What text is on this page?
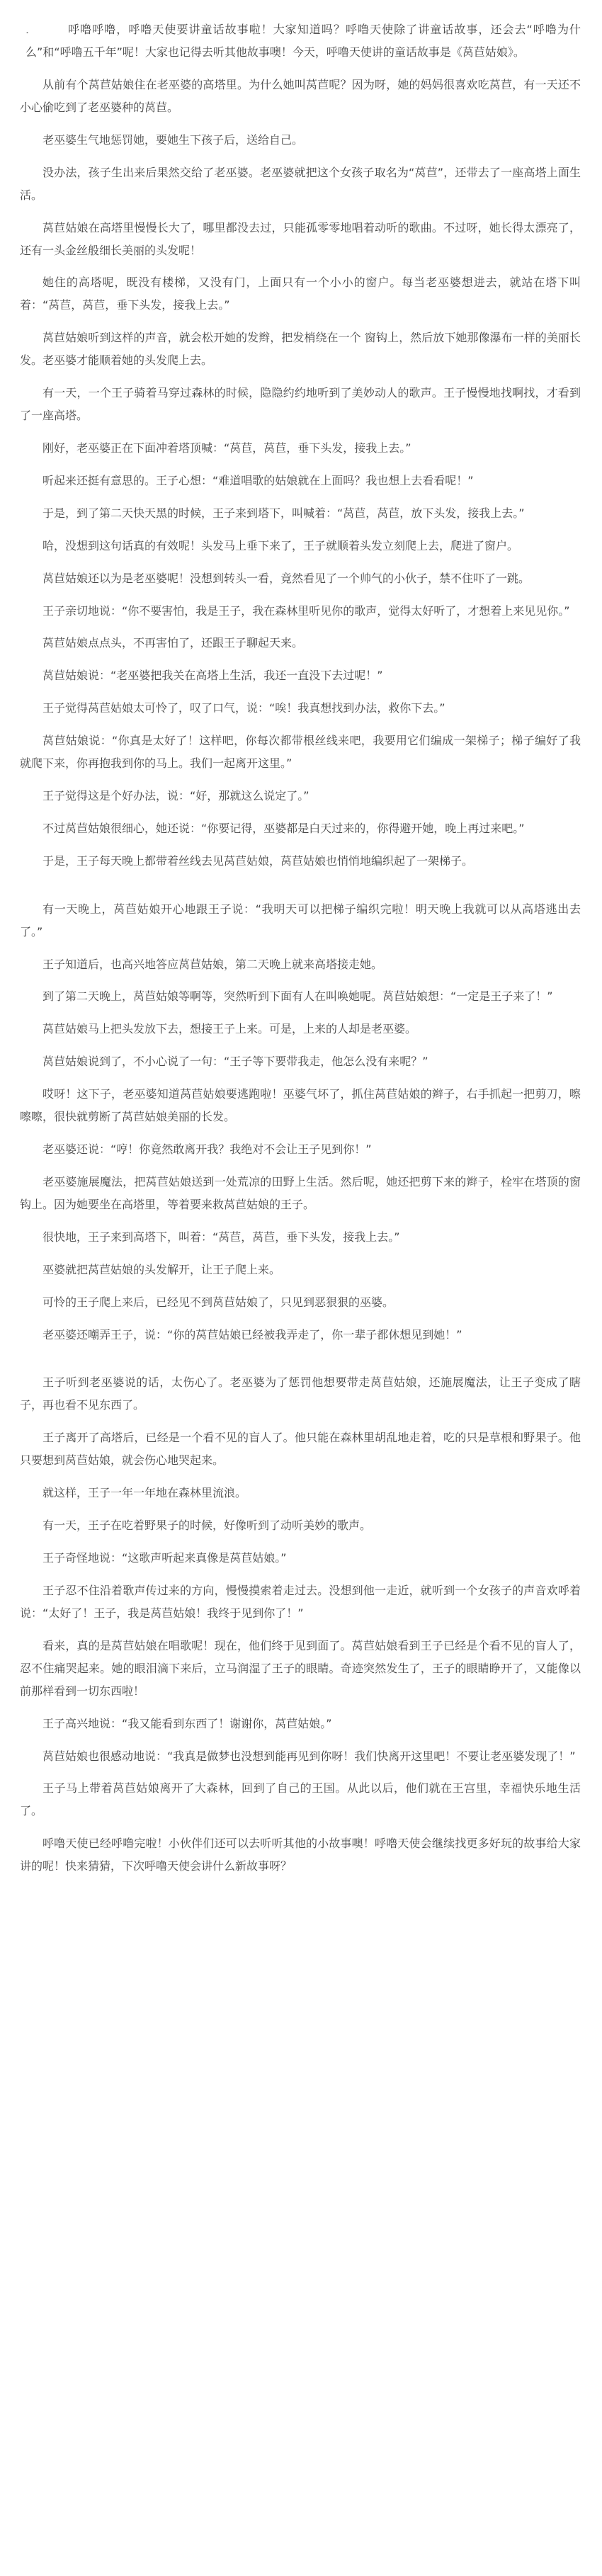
.	呼噜呼噜，呼噜天使要讲童话故事啦！大家知道吗？呼噜天使除了讲童话故事，还会去“呼噜为什么”和“呼噜五千年”呢！大家也记得去听其他故事噢！今天，呼噜天使讲的童话故事是《莴苣姑娘》。

从前有个莴苣姑娘住在老巫婆的高塔里。为什么她叫莴苣呢？因为呀，她的妈妈很喜欢吃莴苣，有一天还不小心偷吃到了老巫婆种的莴苣。

老巫婆生气地惩罚她，要她生下孩子后，送给自己。

没办法，孩子生出来后果然交给了老巫婆。老巫婆就把这个女孩子取名为“莴苣”，还带去了一座高塔上面生活。

莴苣姑娘在高塔里慢慢长大了，哪里都没去过，只能孤零零地唱着动听的歌曲。不过呀，她长得太漂亮了，还有一头金丝般细长美丽的头发呢！

她住的高塔呢，既没有楼梯，又没有门，上面只有一个小小的窗户。每当老巫婆想进去，就站在塔下叫着：“莴苣，莴苣，垂下头发，接我上去。”

莴苣姑娘听到这样的声音，就会松开她的发辫，把发梢绕在一个 窗钩上，然后放下她那像瀑布一样的美丽长发。老巫婆才能顺着她的头发爬上去。

有一天，一个王子骑着马穿过森林的时候，隐隐约约地听到了美妙动人的歌声。王子慢慢地找啊找，才看到了一座高塔。

刚好，老巫婆正在下面冲着塔顶喊：“莴苣，莴苣，垂下头发，接我上去。”

听起来还挺有意思的。王子心想：“难道唱歌的姑娘就在上面吗？我也想上去看看呢！”

于是，到了第二天快天黑的时候，王子来到塔下，叫喊着：“莴苣，莴苣，放下头发，接我上去。”

哈，没想到这句话真的有效呢！头发马上垂下来了，王子就顺着头发立刻爬上去，爬进了窗户。

莴苣姑娘还以为是老巫婆呢！没想到转头一看，竟然看见了一个帅气的小伙子，禁不住吓了一跳。

王子亲切地说：“你不要害怕，我是王子，我在森林里听见你的歌声，觉得太好听了，才想着上来见见你。”

莴苣姑娘点点头，不再害怕了，还跟王子聊起天来。

莴苣姑娘说：“老巫婆把我关在高塔上生活，我还一直没下去过呢！”

王子觉得莴苣姑娘太可怜了，叹了口气，说：“唉！我真想找到办法，救你下去。”

莴苣姑娘说：“你真是太好了！这样吧，你每次都带根丝线来吧，我要用它们编成一架梯子；梯子编好了我就爬下来，你再抱我到你的马上。我们一起离开这里。”

王子觉得这是个好办法，说：“好，那就这么说定了。”

不过莴苣姑娘很细心，她还说：“你要记得，巫婆都是白天过来的，你得避开她，晚上再过来吧。”

于是，王子每天晚上都带着丝线去见莴苣姑娘，莴苣姑娘也悄悄地编织起了一架梯子。

有一天晚上，莴苣姑娘开心地跟王子说：“我明天可以把梯子编织完啦！明天晚上我就可以从高塔逃出去了。”

王子知道后，也高兴地答应莴苣姑娘，第二天晚上就来高塔接走她。

到了第二天晚上，莴苣姑娘等啊等，突然听到下面有人在叫唤她呢。莴苣姑娘想：“一定是王子来了！”

莴苣姑娘马上把头发放下去，想接王子上来。可是，上来的人却是老巫婆。

莴苣姑娘说到了，不小心说了一句：“王子等下要带我走，他怎么没有来呢？”

哎呀！这下子，老巫婆知道莴苣姑娘要逃跑啦！巫婆气坏了，抓住莴苣姑娘的辫子，右手抓起一把剪刀，嚓嚓嚓，很快就剪断了莴苣姑娘美丽的长发。

老巫婆还说：“哼！你竟然敢离开我？我绝对不会让王子见到你！”

老巫婆施展魔法，把莴苣姑娘送到一处荒凉的田野上生活。然后呢，她还把剪下来的辫子，栓牢在塔顶的窗钩上。因为她要坐在高塔里，等着要来救莴苣姑娘的王子。

很快地，王子来到高塔下，叫着：“莴苣，莴苣，垂下头发，接我上去。”

巫婆就把莴苣姑娘的头发解开，让王子爬上来。

可怜的王子爬上来后，已经见不到莴苣姑娘了，只见到恶狠狠的巫婆。

老巫婆还嘲弄王子，说：“你的莴苣姑娘已经被我弄走了，你一辈子都休想见到她！”

王子听到老巫婆说的话，太伤心了。老巫婆为了惩罚他想要带走莴苣姑娘，还施展魔法，让王子变成了瞎子，再也看不见东西了。

王子离开了高塔后，已经是一个看不见的盲人了。他只能在森林里胡乱地走着，吃的只是草根和野果子。他只要想到莴苣姑娘，就会伤心地哭起来。

就这样，王子一年一年地在森林里流浪。

有一天，王子在吃着野果子的时候，好像听到了动听美妙的歌声。

王子奇怪地说：“这歌声听起来真像是莴苣姑娘。”

王子忍不住沿着歌声传过来的方向，慢慢摸索着走过去。没想到他一走近，就听到一个女孩子的声音欢呼着说：“太好了！王子，我是莴苣姑娘！我终于见到你了！”

看来，真的是莴苣姑娘在唱歌呢！现在，他们终于见到面了。莴苣姑娘看到王子已经是个看不见的盲人了，忍不住痛哭起来。她的眼泪滴下来后，立马润湿了王子的眼睛。奇迹突然发生了，王子的眼睛睁开了，又能像以前那样看到一切东西啦！

王子高兴地说：“我又能看到东西了！谢谢你，莴苣姑娘。”

莴苣姑娘也很感动地说：“我真是做梦也没想到能再见到你呀！我们快离开这里吧！不要让老巫婆发现了！”

王子马上带着莴苣姑娘离开了大森林，回到了自己的王国。从此以后，他们就在王宫里，幸福快乐地生活了。

呼噜天使已经呼噜完啦！小伙伴们还可以去听听其他的小故事噢！呼噜天使会继续找更多好玩的故事给大家讲的呢！快来猜猜，下次呼噜天使会讲什么新故事呀？
